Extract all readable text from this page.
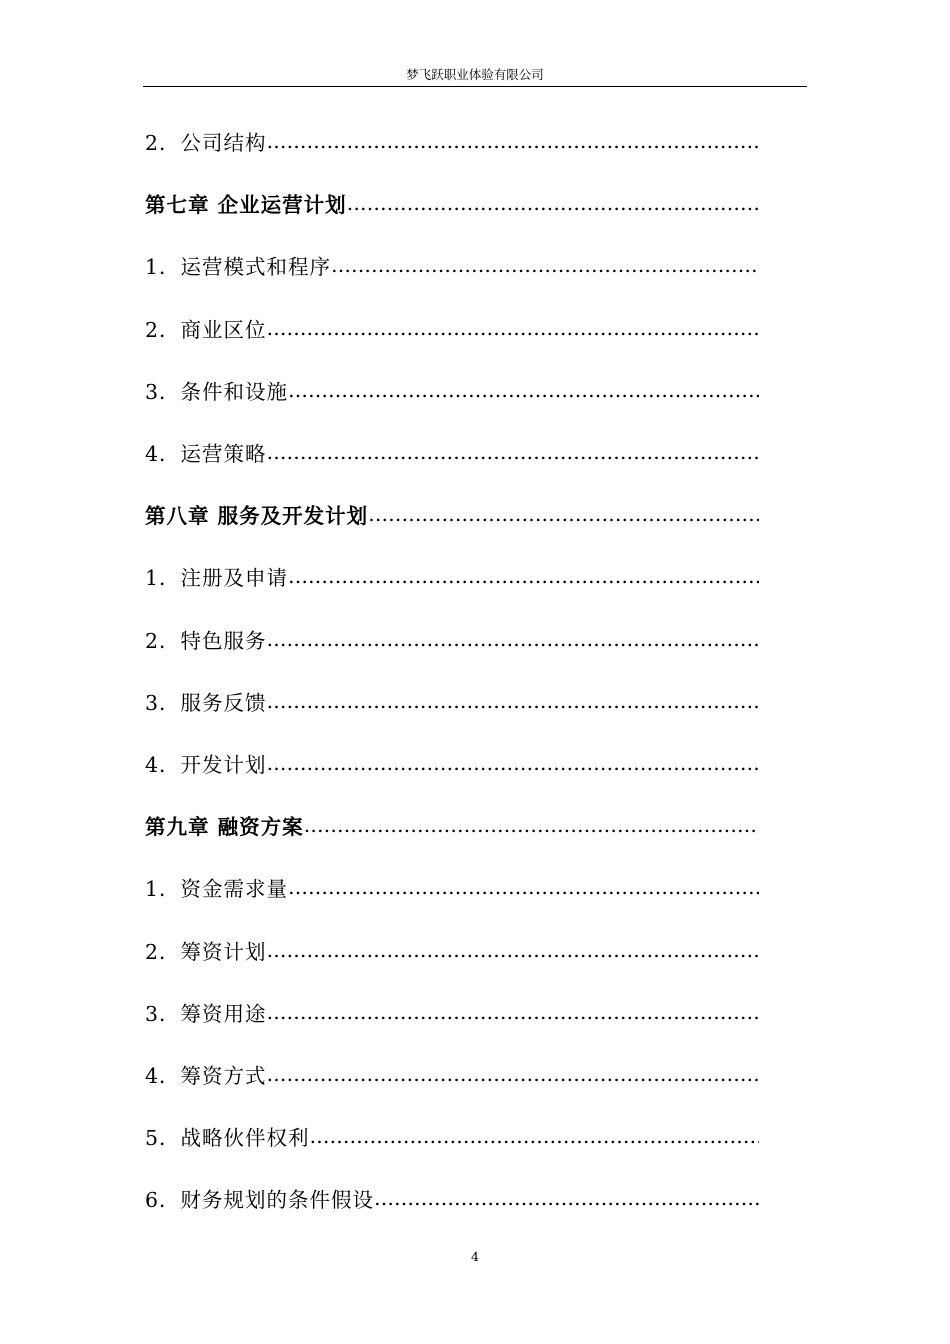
梦飞跃职业体验有限公司
2．公司结构
……………………………………………………………………………………………………………………………………………………………………
第七章 企业运营计划
……………………………………………………………………………………………………………………………………………………………………
1．运营模式和程序
……………………………………………………………………………………………………………………………………………………………………
2．商业区位
……………………………………………………………………………………………………………………………………………………………………
3．条件和设施
……………………………………………………………………………………………………………………………………………………………………
4．运营策略
……………………………………………………………………………………………………………………………………………………………………
第八章 服务及开发计划
……………………………………………………………………………………………………………………………………………………………………
1．注册及申请
……………………………………………………………………………………………………………………………………………………………………
2．特色服务
……………………………………………………………………………………………………………………………………………………………………
3．服务反馈
……………………………………………………………………………………………………………………………………………………………………
4．开发计划
……………………………………………………………………………………………………………………………………………………………………
第九章 融资方案
……………………………………………………………………………………………………………………………………………………………………
1．资金需求量
……………………………………………………………………………………………………………………………………………………………………
2．筹资计划
……………………………………………………………………………………………………………………………………………………………………
3．筹资用途
……………………………………………………………………………………………………………………………………………………………………
4．筹资方式
……………………………………………………………………………………………………………………………………………………………………
5．战略伙伴权利
……………………………………………………………………………………………………………………………………………………………………
6．财务规划的条件假设
……………………………………………………………………………………………………………………………………………………………………
4
